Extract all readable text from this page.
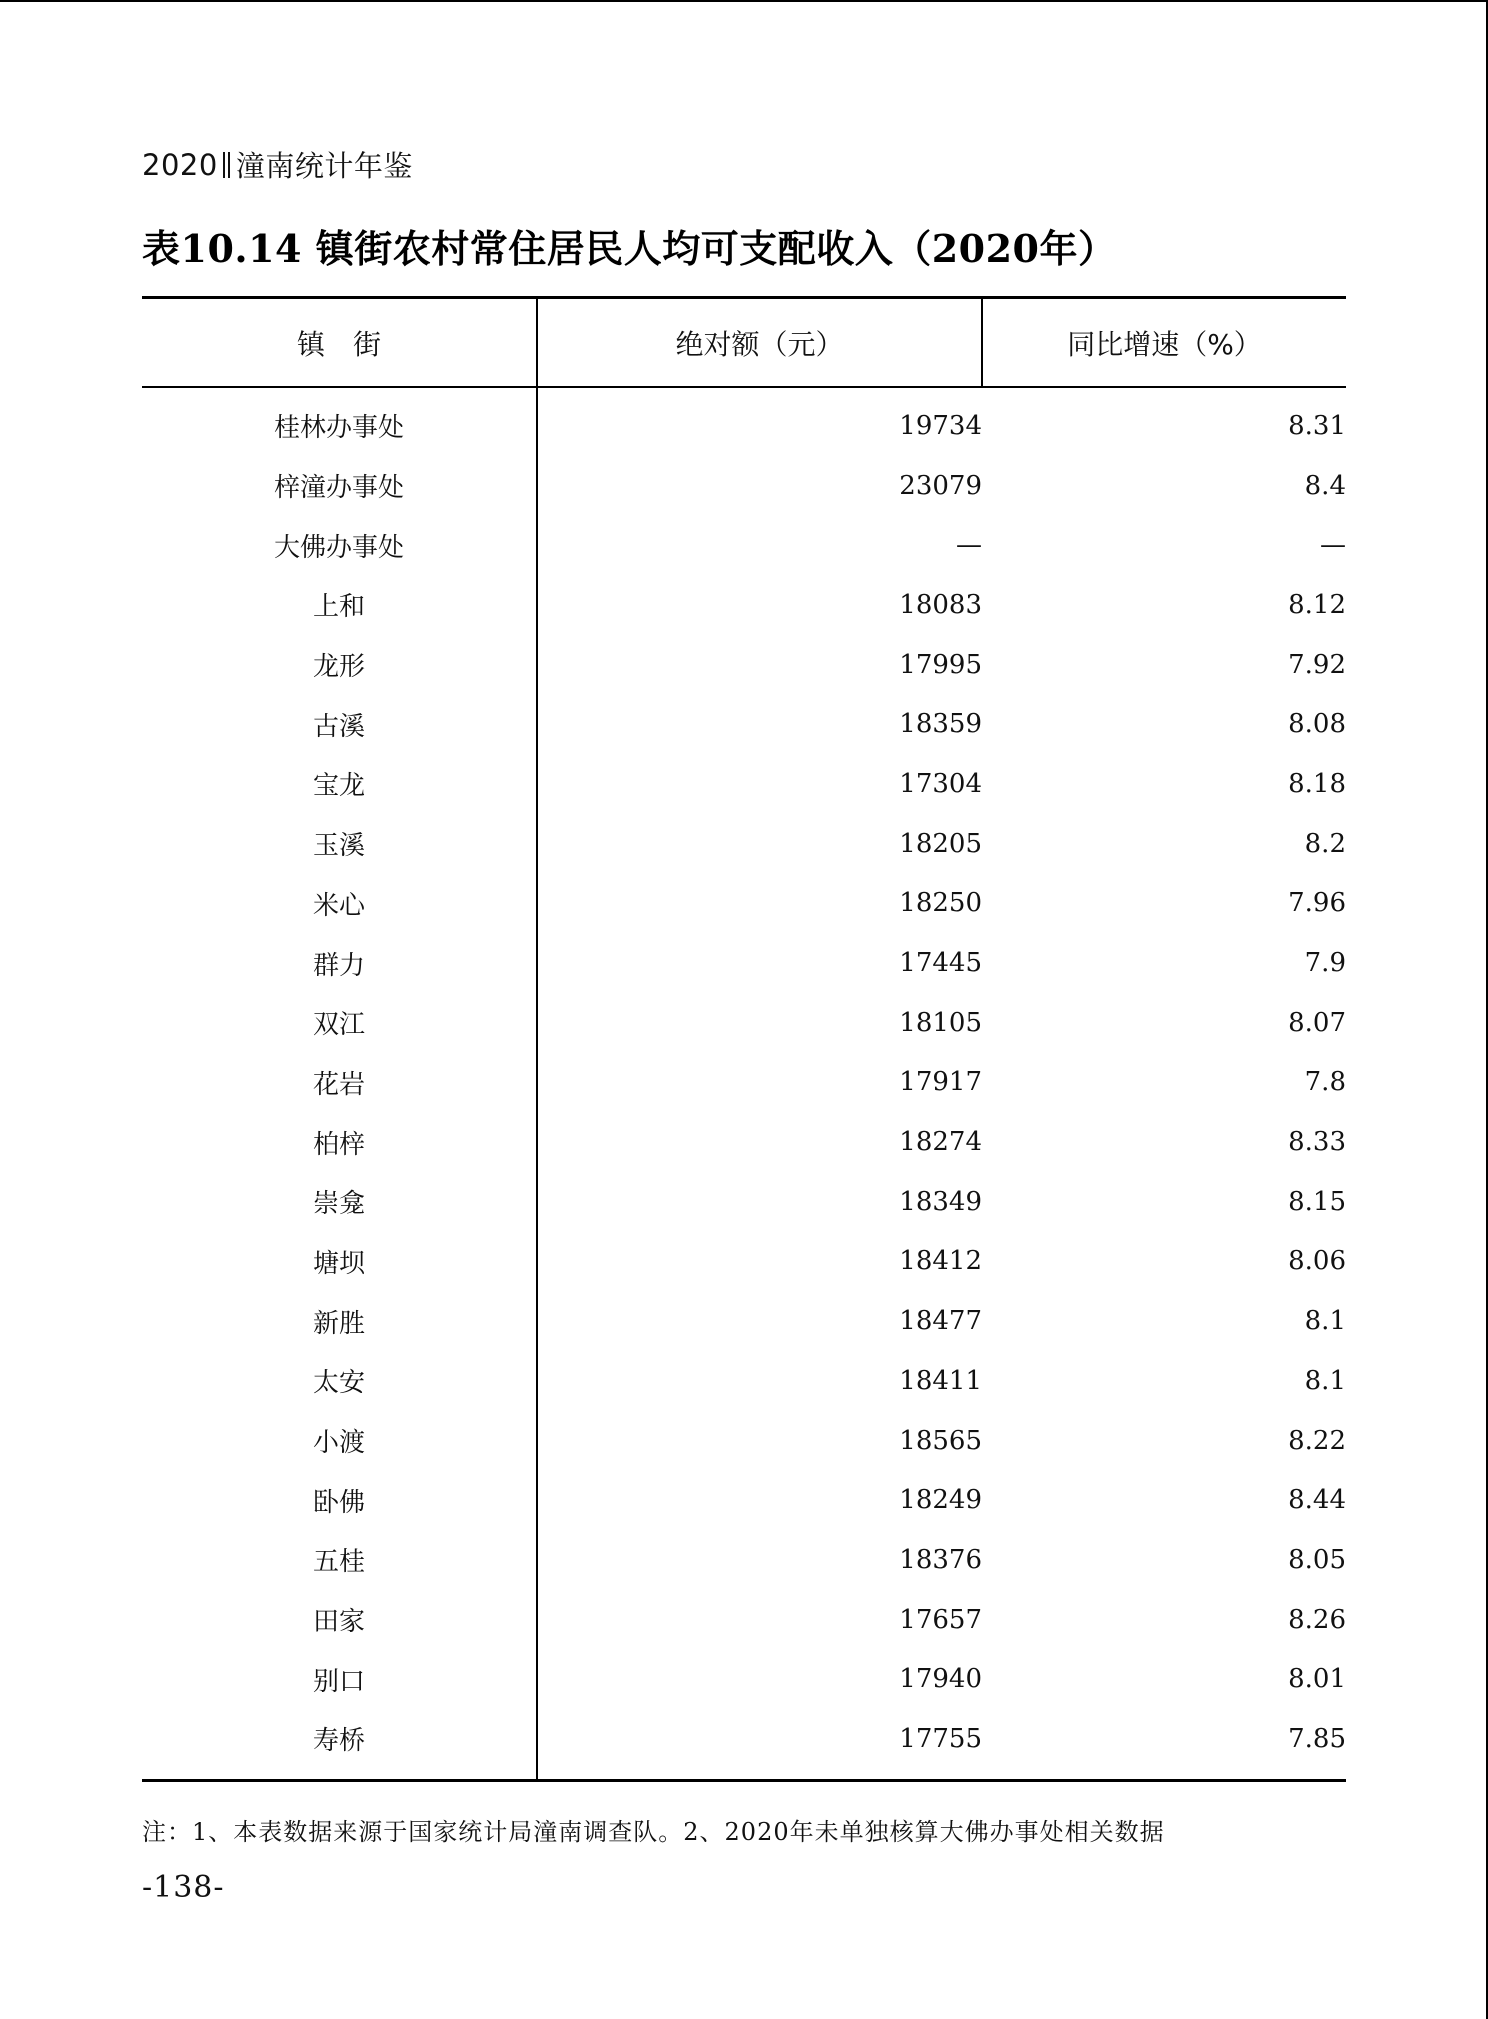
2020 潼南统计年鉴
表10.14 镇街农村常住居民人均可支配收入（2020年）
镇　街	绝对额（元）	同比增速（%）
桂林办事处	19734	8.31
梓潼办事处	23079	8.4
大佛办事处	—	—
上和	18083	8.12
龙形	17995	7.92
古溪	18359	8.08
宝龙	17304	8.18
玉溪	18205	8.2
米心	18250	7.96
群力	17445	7.9
双江	18105	8.07
花岩	17917	7.8
柏梓	18274	8.33
崇龛	18349	8.15
塘坝	18412	8.06
新胜	18477	8.1
太安	18411	8.1
小渡	18565	8.22
卧佛	18249	8.44
五桂	18376	8.05
田家	17657	8.26
别口	17940	8.01
寿桥	17755	7.85
注：1、本表数据来源于国家统计局潼南调查队。2、2020年未单独核算大佛办事处相关数据
-138-
